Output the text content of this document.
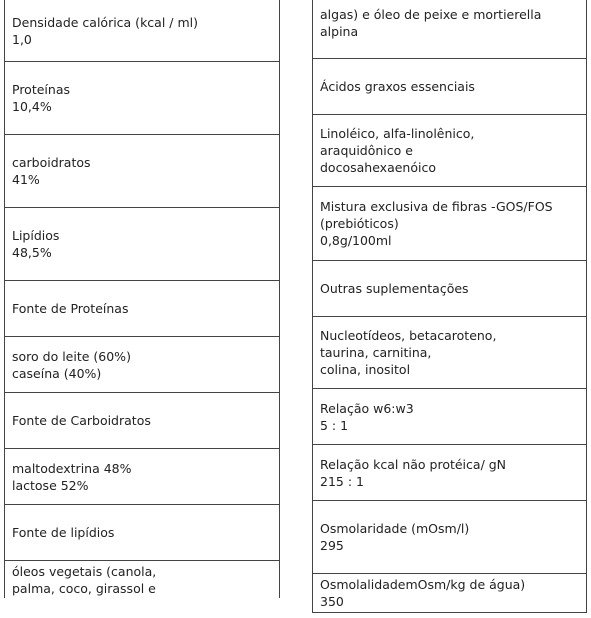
Densidade calórica (kcal / ml)
1,0
Proteínas
10,4%
carboidratos
41%
Lipídios
48,5%
Fonte de Proteínas
soro do leite (60%)
caseína (40%)
Fonte de Carboidratos
maltodextrina 48%
lactose 52%
Fonte de lipídios
óleos vegetais (canola,
palma, coco, girassol e
algas) e óleo de peixe e mortierella
alpina
Ácidos graxos essenciais
Linoléico, alfa-linolênico,
araquidônico e
docosahexaenóico
Mistura exclusiva de fibras -GOS/FOS
(prebióticos)
0,8g/100ml
Outras suplementações
Nucleotídeos, betacaroteno,
taurina, carnitina,
colina, inositol
Relação w6:w3
5 : 1
Relação kcal não protéica/ gN
215 : 1
Osmolaridade (mOsm/l)
295
OsmolalidademOsm/kg de água)
350
